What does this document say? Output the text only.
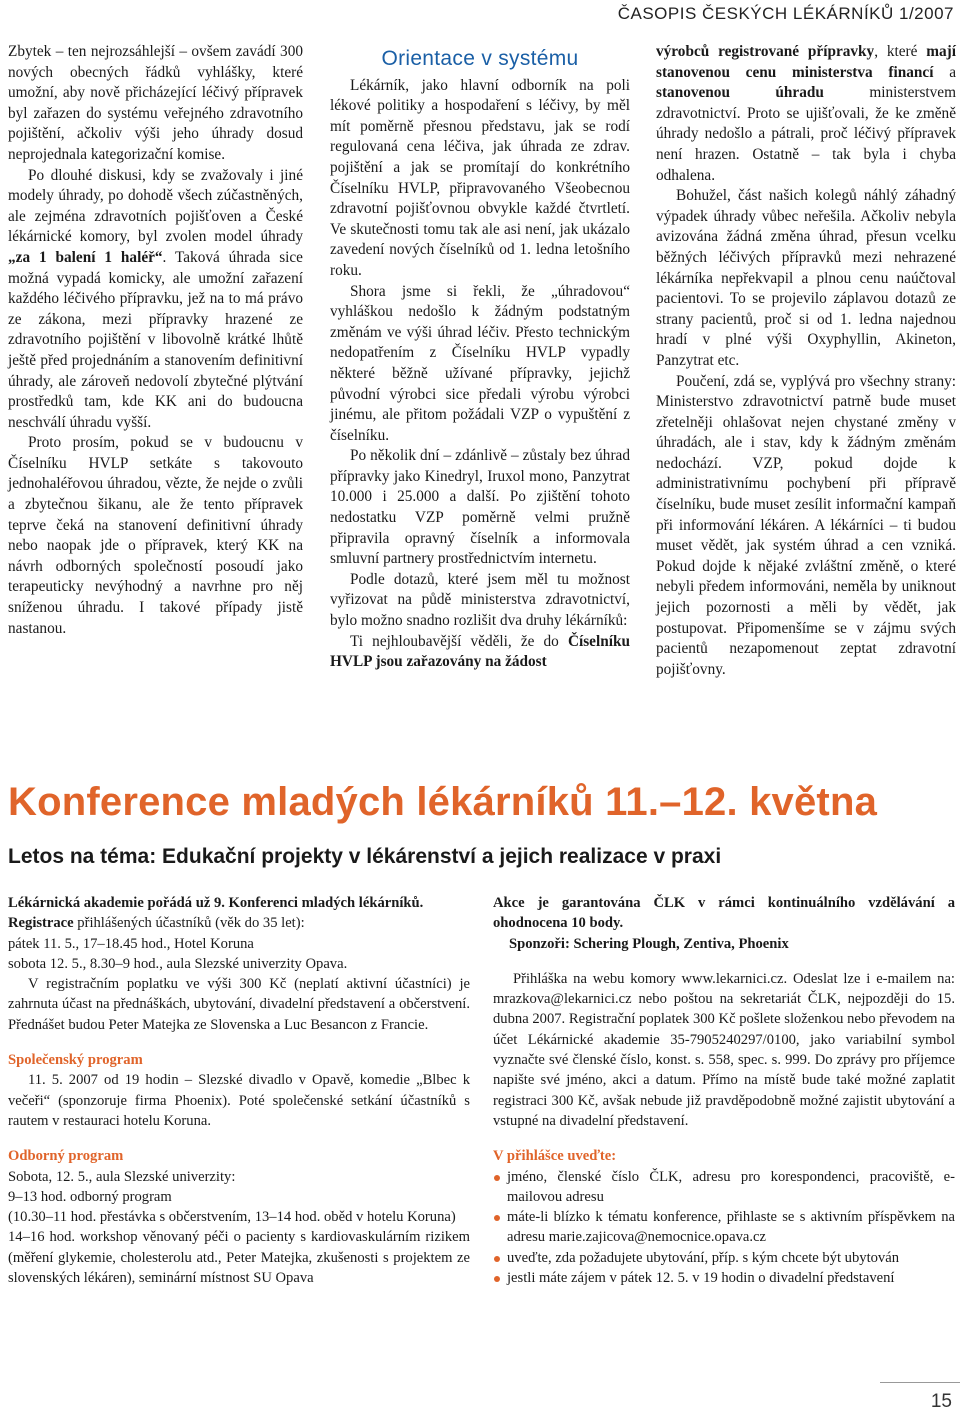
ČASOPIS ČESKÝCH LÉKÁRNÍKŮ 1/2007

Zbytek – ten nejrozsáhlejší – ovšem zavádí 300 nových obecných řádků vyhlášky, které umožní, aby nově přicházející léčivý přípravek byl zařazen do systému veřejného zdravotního pojištění, ačkoliv výši jeho úhrady dosud neprojednala kategorizační komise.

Po dlouhé diskusi, kdy se zvažovaly i jiné modely úhrady, po dohodě všech zúčastněných, ale zejména zdravotních pojišťoven a České lékárnické komory, byl zvolen model úhrady „za 1 balení 1 haléř“. Taková úhrada sice možná vypadá komicky, ale umožní zařazení každého léčivého přípravku, jež na to má právo ze zákona, mezi přípravky hrazené ze zdravotního pojištění v libovolně krátké lhůtě ještě před projednáním a stanovením definitivní úhrady, ale zároveň nedovolí zbytečné plýtvání prostředků tam, kde KK ani do budoucna neschválí úhradu vyšší.

Proto prosím, pokud se v budoucnu v Číselníku HVLP setkáte s takovouto jednohaléřovou úhradou, vězte, že nejde o zvůli a zbytečnou šikanu, ale že tento přípravek teprve čeká na stanovení definitivní úhrady nebo naopak jde o přípravek, který KK na návrh odborných společností posoudí jako terapeuticky nevýhodný a navrhne pro něj sníženou úhradu. I takové případy jistě nastanou.

Orientace v systému

Lékárník, jako hlavní odborník na poli lékové politiky a hospodaření s léčivy, by měl mít poměrně přesnou představu, jak se rodí regulovaná cena léčiva, jak úhrada ze zdrav. pojištění a jak se promítají do konkrétního Číselníku HVLP, připravovaného Všeobecnou zdravotní pojišťovnou obvykle každé čtvrtletí. Ve skutečnosti tomu tak ale asi není, jak ukázalo zavedení nových číselníků od 1. ledna letošního roku.

Shora jsme si řekli, že „úhradovou“ vyhláškou nedošlo k žádným podstatným změnám ve výši úhrad léčiv. Přesto technickým nedopatřením z Číselníku HVLP vypadly některé běžně užívané přípravky, jejichž původní výrobci sice předali výrobu výrobci jinému, ale přitom požádali VZP o vypuštění z číselníku.

Po několik dní – zdánlivě – zůstaly bez úhrad přípravky jako Kinedryl, Iruxol mono, Panzytrat 10.000 i 25.000 a další. Po zjištění tohoto nedostatku VZP poměrně velmi pružně připravila opravný číselník a informovala smluvní partnery prostřednictvím internetu.

Podle dotazů, které jsem měl tu možnost vyřizovat na půdě ministerstva zdravotnictví, bylo možno snadno rozlišit dva druhy lékárníků:

Ti nejhloubavější věděli, že do Číselníku HVLP jsou zařazovány na žádost

výrobců registrované přípravky, které mají stanovenou cenu ministerstva financí a stanovenou úhradu ministerstvem zdravotnictví. Proto se ujišťovali, že ke změně úhrady nedošlo a pátrali, proč léčivý přípravek není hrazen. Ostatně – tak byla i chyba odhalena.

Bohužel, část našich kolegů náhlý záhadný výpadek úhrady vůbec neřešila. Ačkoliv nebyla avizována žádná změna úhrad, přesun vcelku běžných léčivých přípravků mezi nehrazené lékárníka nepřekvapil a plnou cenu naúčtoval pacientovi. To se projevilo záplavou dotazů ze strany pacientů, proč si od 1. ledna najednou hradí v plné výši Oxyphyllin, Akineton, Panzytrat etc.

Poučení, zdá se, vyplývá pro všechny strany: Ministerstvo zdravotnictví patrně bude muset zřetelněji ohlašovat nejen chystané změny v úhradách, ale i stav, kdy k žádným změnám nedochází. VZP, pokud dojde k administrativnímu pochybení při přípravě číselníku, bude muset zesílit informační kampaň při informování lékáren. A lékárníci – ti budou muset vědět, jak systém úhrad a cen vzniká. Pokud dojde k nějaké zvláštní změně, o které nebyli předem informováni, neměla by uniknout jejich pozornosti a měli by vědět, jak postupovat. Připomenšíme se v zájmu svých pacientů nezapomenout zeptat zdravotní pojišťovny.

Konference mladých lékárníků 11.–12. května
Letos na téma: Edukační projekty v lékárenství a jejich realizace v praxi

Lékárnická akademie pořádá už 9. Konferenci mladých lékárníků.

Registrace přihlášených účastníků (věk do 35 let):

pátek 11. 5., 17–18.45 hod., Hotel Koruna

sobota 12. 5., 8.30–9 hod., aula Slezské univerzity Opava.

V registračním poplatku ve výši 300 Kč (neplatí aktivní účastníci) je zahrnuta účast na přednáškách, ubytování, divadelní představení a občerstvení. Přednášet budou Peter Matejka ze Slovenska a Luc Besancon z Francie.

Společenský program

11. 5. 2007 od 19 hodin – Slezské divadlo v Opavě, komedie „Blbec k večeři“ (sponzoruje firma Phoenix). Poté společenské setkání účastníků s rautem v restauraci hotelu Koruna.

Odborný program

Sobota, 12. 5., aula Slezské univerzity:

9–13 hod. odborný program

(10.30–11 hod. přestávka s občerstvením, 13–14 hod. oběd v hotelu Koruna)

14–16 hod. workshop věnovaný péči o pacienty s kardiovaskulárním rizikem (měření glykemie, cholesterolu atd., Peter Matejka, zkušenosti s projektem ze slovenských lékáren), seminární místnost SU Opava

Akce je garantována ČLK v rámci kontinuálního vzdělávání a ohodnocena 10 body.

Sponzoři: Schering Plough, Zentiva, Phoenix

Přihláška na webu komory www.lekarnici.cz. Odeslat lze i e-mailem na: mrazkova@lekarnici.cz nebo poštou na sekretariát ČLK, nejpozději do 15. dubna 2007. Registrační poplatek 300 Kč pošlete složenkou nebo převodem na účet Lékárnické akademie 35-7905240297/0100, jako variabilní symbol vyznačte své členské číslo, konst. s. 558, spec. s. 999. Do zprávy pro příjemce napište své jméno, akci a datum. Přímo na místě bude také možné zaplatit registraci 300 Kč, avšak nebude již pravděpodobně možné zajistit ubytování a vstupné na divadelní představení.

V přihlášce uveďte:

jméno, členské číslo ČLK, adresu pro korespondenci, pracoviště, e-mailovou adresu
máte-li blízko k tématu konference, přihlaste se s aktivním příspěvkem na adresu marie.zajicova@nemocnice.opava.cz
uveďte, zda požadujete ubytování, příp. s kým chcete být ubytován
jestli máte zájem v pátek 12. 5. v 19 hodin o divadelní představení
15
